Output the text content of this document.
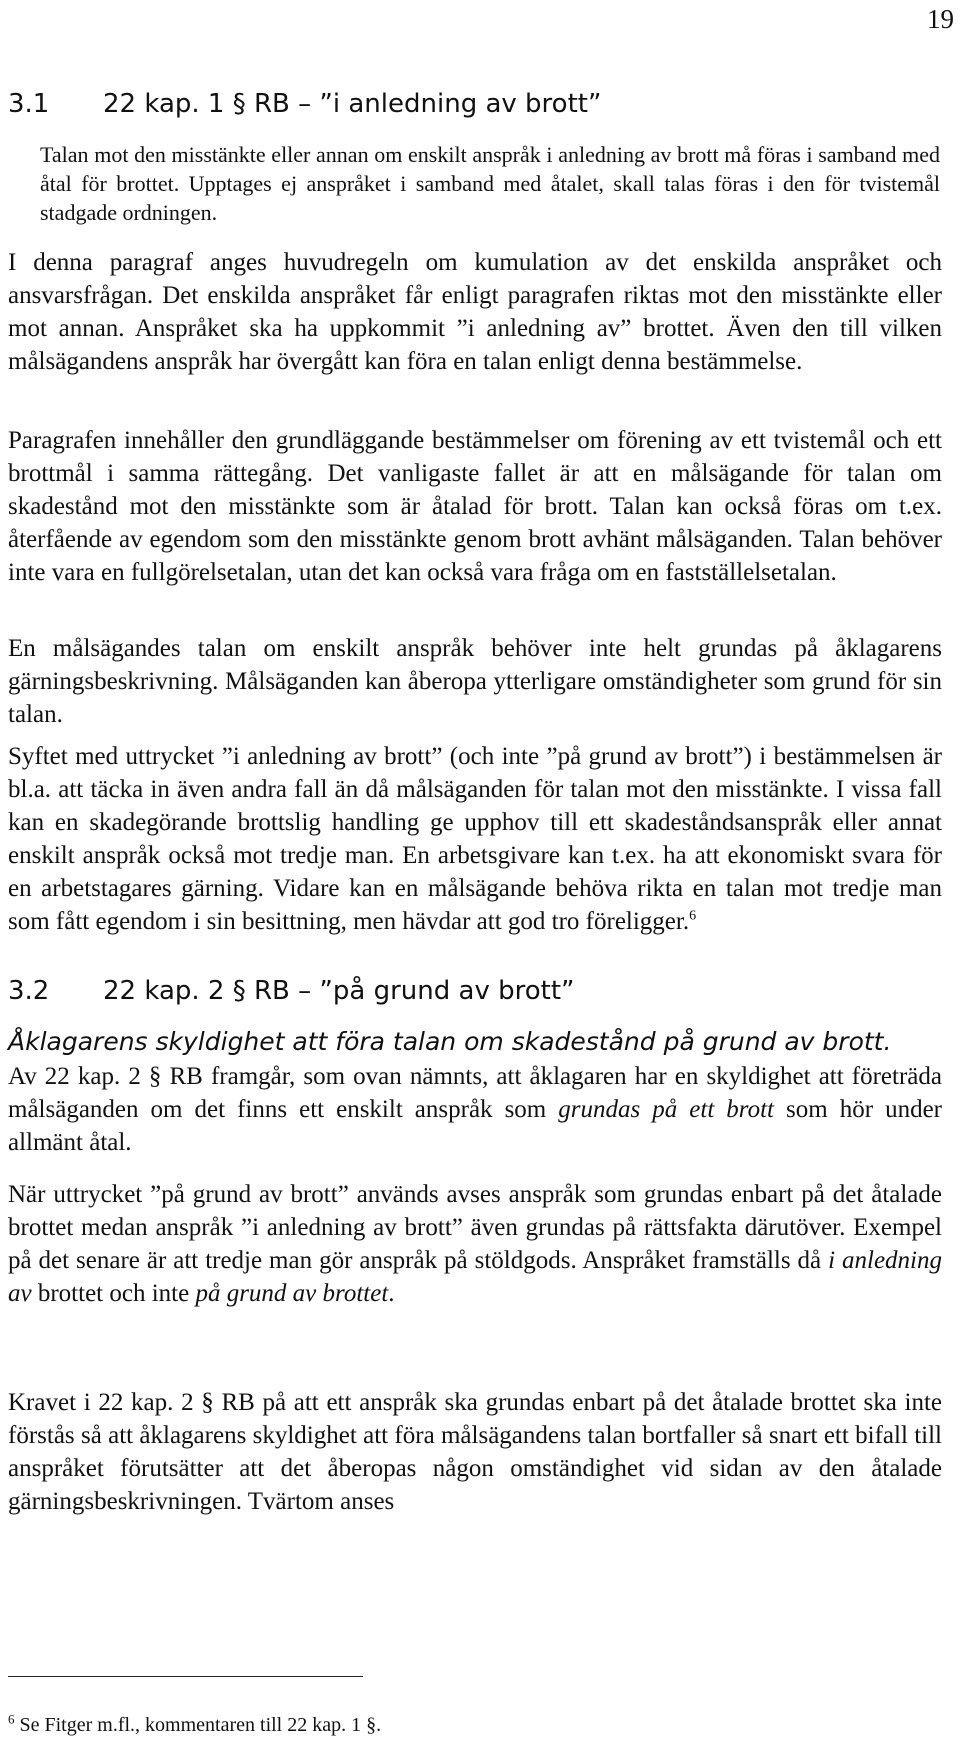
19
3.1 22 kap. 1 § RB – ”i anledning av brott”
Talan mot den misstänkte eller annan om enskilt anspråk i anledning av brott må föras i samband med åtal för brottet. Upptages ej anspråket i samband med åtalet, skall talas föras i den för tvistemål stadgade ordningen.
I denna paragraf anges huvudregeln om kumulation av det enskilda anspråket och ansvarsfrågan. Det enskilda anspråket får enligt paragrafen riktas mot den misstänkte eller mot annan. Anspråket ska ha uppkommit ”i anledning av” brottet. Även den till vilken målsägandens anspråk har övergått kan föra en talan enligt denna bestämmelse.
Paragrafen innehåller den grundläggande bestämmelser om förening av ett tvistemål och ett brottmål i samma rättegång. Det vanligaste fallet är att en målsägande för talan om skadestånd mot den misstänkte som är åtalad för brott. Talan kan också föras om t.ex. återfående av egendom som den misstänkte genom brott avhänt målsäganden. Talan behöver inte vara en fullgörelsetalan, utan det kan också vara fråga om en fastställelsetalan.
En målsägandes talan om enskilt anspråk behöver inte helt grundas på åklagarens gärningsbeskrivning. Målsäganden kan åberopa ytterligare omständigheter som grund för sin talan.
Syftet med uttrycket ”i anledning av brott” (och inte ”på grund av brott”) i bestämmelsen är bl.a. att täcka in även andra fall än då målsäganden för talan mot den misstänkte. I vissa fall kan en skadegörande brottslig handling ge upphov till ett skadeståndsanspråk eller annat enskilt anspråk också mot tredje man. En arbetsgivare kan t.ex. ha att ekonomiskt svara för en arbetstagares gärning. Vidare kan en målsägande behöva rikta en talan mot tredje man som fått egendom i sin besittning, men hävdar att god tro föreligger.$^6$
3.2 22 kap. 2 § RB – ”på grund av brott”
Åklagarens skyldighet att föra talan om skadestånd på grund av brott.
Av 22 kap. 2 § RB framgår, som ovan nämnts, att åklagaren har en skyldighet att företräda målsäganden om det finns ett enskilt anspråk som grundas på ett brott som hör under allmänt åtal.
När uttrycket ”på grund av brott” används avses anspråk som grundas enbart på det åtalade brottet medan anspråk ”i anledning av brott” även grundas på rättsfakta därutöver. Exempel på det senare är att tredje man gör anspråk på stöldgods. Anspråket framställs då i anledning av brottet och inte på grund av brottet.
Kravet i 22 kap. 2 § RB på att ett anspråk ska grundas enbart på det åtalade brottet ska inte förstås så att åklagarens skyldighet att föra målsägandens talan bortfaller så snart ett bifall till anspråket förutsätter att det åberopas någon omständighet vid sidan av den åtalade gärningsbeskrivningen. Tvärtom anses
$^6$ Se Fitger m.fl., kommentaren till 22 kap. 1 §.
